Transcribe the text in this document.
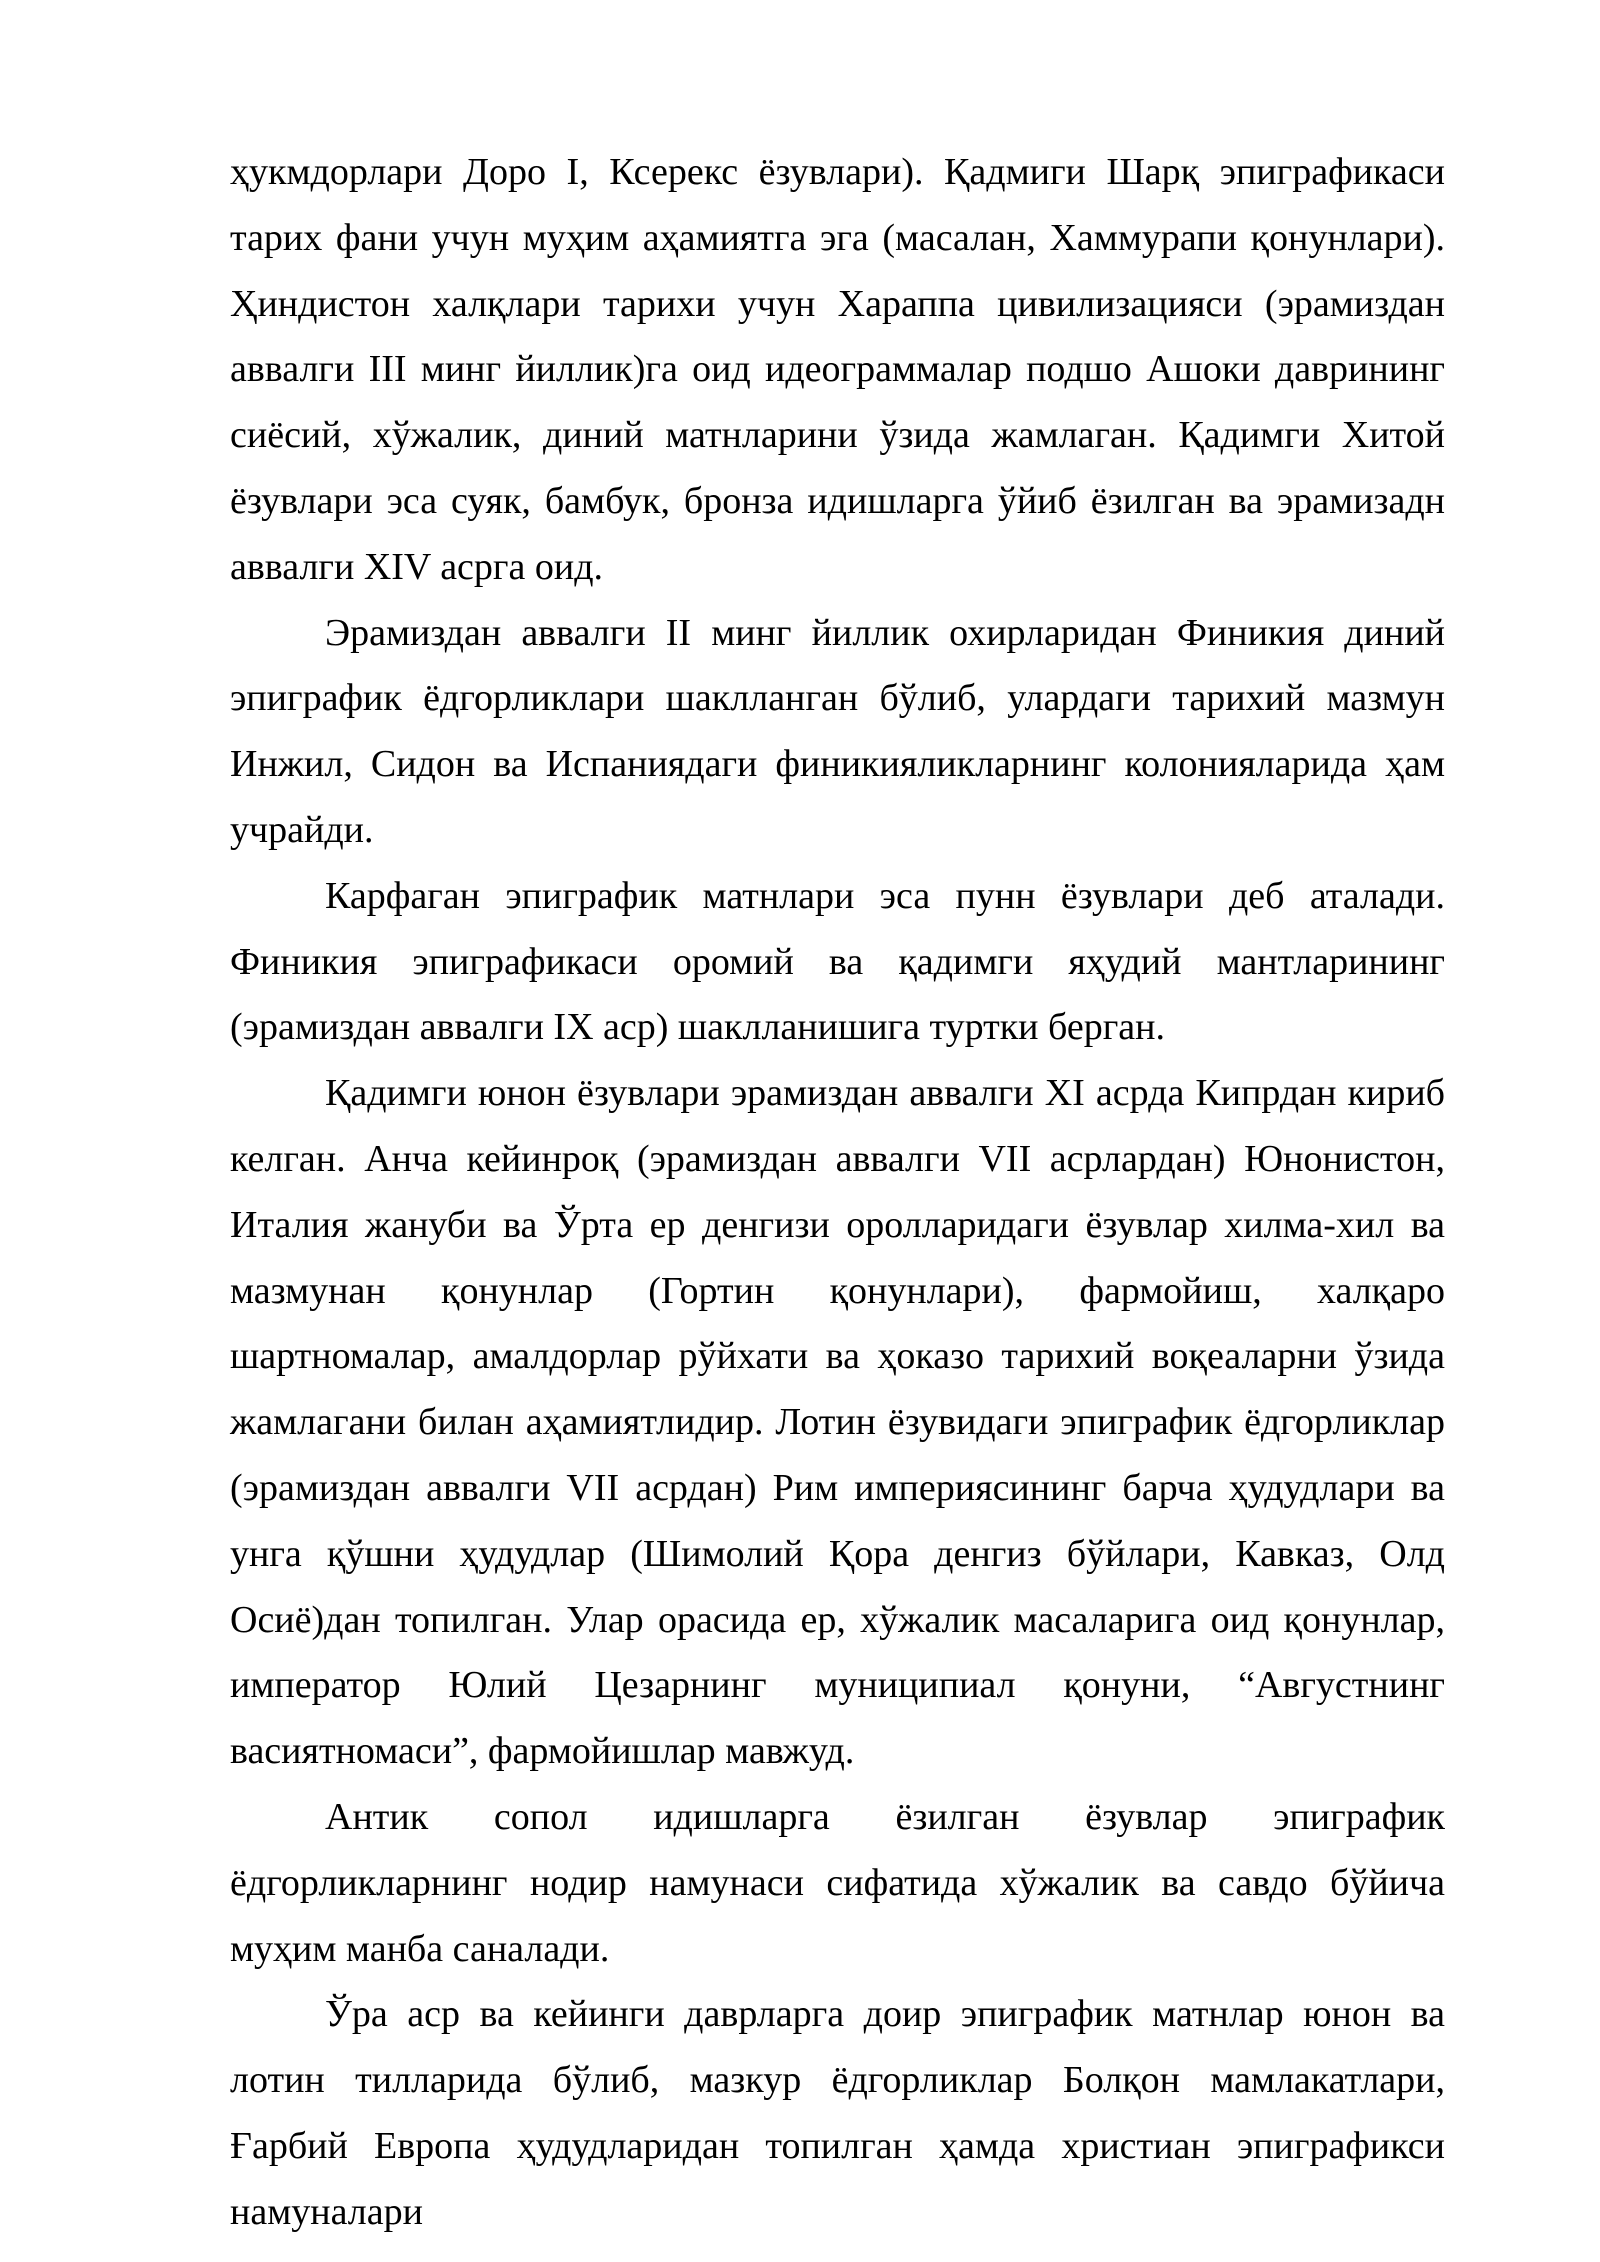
ҳукмдорлари Доро I, Ксерекс ёзувлари). Қадмиги Шарқ эпиграфикаси тарих фани учун муҳим аҳамиятга эга (масалан, Хаммурапи қонунлари). Ҳиндистон халқлари тарихи учун Хараппа цивилизацияси (эрамиздан аввалги III минг йиллик)га оид идеограммалар подшо Ашоки даврининг сиёсий, хўжалик, диний матнларини ўзида жамлаган. Қадимги Хитой ёзувлари эса суяк, бамбук, бронза идишларга ўйиб ёзилган ва эрамизадн аввалги XIV асрга оид.

Эрамиздан аввалги II минг йиллик охирларидан Финикия диний эпиграфик ёдгорликлари шаклланган бўлиб, улардаги тарихий мазмун Инжил, Сидон ва Испаниядаги финикияликларнинг колонияларида ҳам учрайди.

Карфаган эпиграфик матнлари эса пунн ёзувлари деб аталади. Финикия эпиграфикаси оромий ва қадимги яҳудий мантларининг (эрамиздан аввалги IX аср) шаклланишига туртки берган.

Қадимги юнон ёзувлари эрамиздан аввалги XI асрда Кипрдан кириб келган. Анча кейинроқ (эрамиздан аввалги VII асрлардан) Юнонистон, Италия жануби ва Ўрта ер денгизи оролларидаги ёзувлар хилма-хил ва мазмунан қонунлар (Гортин қонунлари), фармойиш, халқаро шартномалар, амалдорлар рўйхати ва ҳоказо тарихий воқеаларни ўзида жамлагани билан аҳамиятлидир. Лотин ёзувидаги эпиграфик ёдгорликлар (эрамиздан аввалги VII асрдан) Рим империясининг барча ҳудудлари ва унга қўшни ҳудудлар (Шимолий Қора денгиз бўйлари, Кавказ, Олд Осиё)дан топилган. Улар орасида ер, хўжалик масаларига оид қонунлар, император Юлий Цезарнинг муниципиал қонуни, “Августнинг васиятномаси”, фармойишлар мавжуд.

Антик сопол идишларга ёзилган ёзувлар эпиграфик ёдгорликларнинг нодир намунаси сифатида хўжалик ва савдо бўйича муҳим манба саналади.

Ўра аср ва кейинги даврларга доир эпиграфик матнлар юнон ва лотин тилларида бўлиб, мазкур ёдгорликлар Болқон мамлакатлари, Ғарбий Европа ҳудудларидан топилган ҳамда христиан эпиграфикси намуналари
